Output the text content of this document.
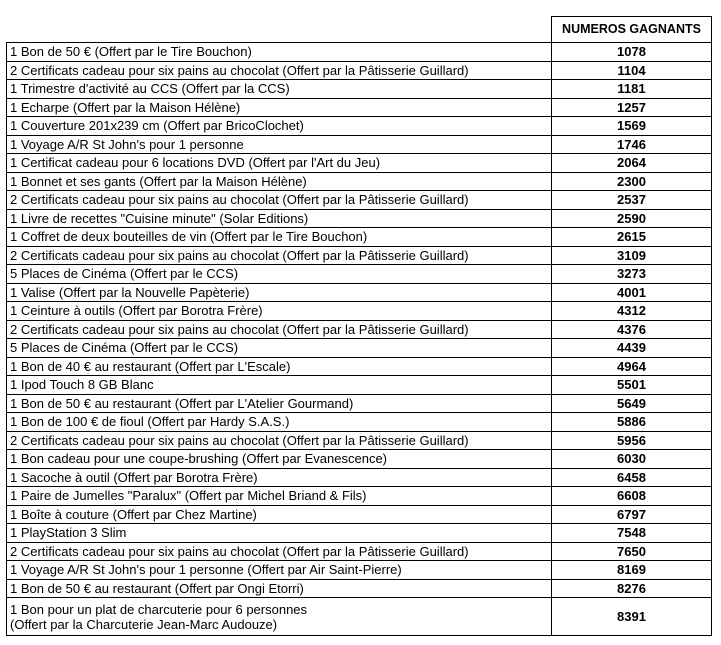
	NUMEROS GAGNANTS
1 Bon de 50 € (Offert par le Tire Bouchon)	1078
2 Certificats cadeau pour six pains au chocolat (Offert par la Pâtisserie Guillard)	1104
1 Trimestre d'activité au CCS (Offert par la CCS)	1181
1 Echarpe (Offert par la Maison Hélène)	1257
1 Couverture 201x239 cm (Offert par BricoClochet)	1569
1 Voyage A/R St John's pour 1 personne	1746
1 Certificat cadeau pour 6 locations DVD (Offert par l'Art du Jeu)	2064
1 Bonnet et ses gants (Offert par la Maison Hélène)	2300
2 Certificats cadeau pour six pains au chocolat (Offert par la Pâtisserie Guillard)	2537
1 Livre de recettes "Cuisine minute" (Solar Editions)	2590
1 Coffret de deux bouteilles de vin (Offert par le Tire Bouchon)	2615
2 Certificats cadeau pour six pains au chocolat (Offert par la Pâtisserie Guillard)	3109
5 Places de Cinéma (Offert par le CCS)	3273
1 Valise (Offert par la Nouvelle Papèterie)	4001
1 Ceinture à outils (Offert par Borotra Frère)	4312
2 Certificats cadeau pour six pains au chocolat (Offert par la Pâtisserie Guillard)	4376
5 Places de Cinéma (Offert par le CCS)	4439
1 Bon de 40 € au restaurant (Offert par L'Escale)	4964
1 Ipod Touch 8 GB Blanc	5501
1 Bon de 50 € au restaurant (Offert par L'Atelier Gourmand)	5649
1 Bon de 100 € de fioul (Offert par Hardy S.A.S.)	5886
2 Certificats cadeau pour six pains au chocolat (Offert par la Pâtisserie Guillard)	5956
1 Bon cadeau pour une coupe-brushing (Offert par Evanescence)	6030
1 Sacoche à outil (Offert par Borotra Frère)	6458
1 Paire de Jumelles "Paralux" (Offert par Michel Briand & Fils)	6608
1 Boîte à couture (Offert par Chez Martine)	6797
1 PlayStation 3 Slim	7548
2 Certificats cadeau pour six pains au chocolat (Offert par la Pâtisserie Guillard)	7650
1 Voyage A/R St John's pour 1 personne (Offert par Air Saint-Pierre)	8169
1 Bon de 50 € au restaurant (Offert par Ongi Etorri)	8276

1 Bon pour un plat de charcuterie pour 6 personnes
(Offert par la Charcuterie Jean-Marc Audouze)	8391
